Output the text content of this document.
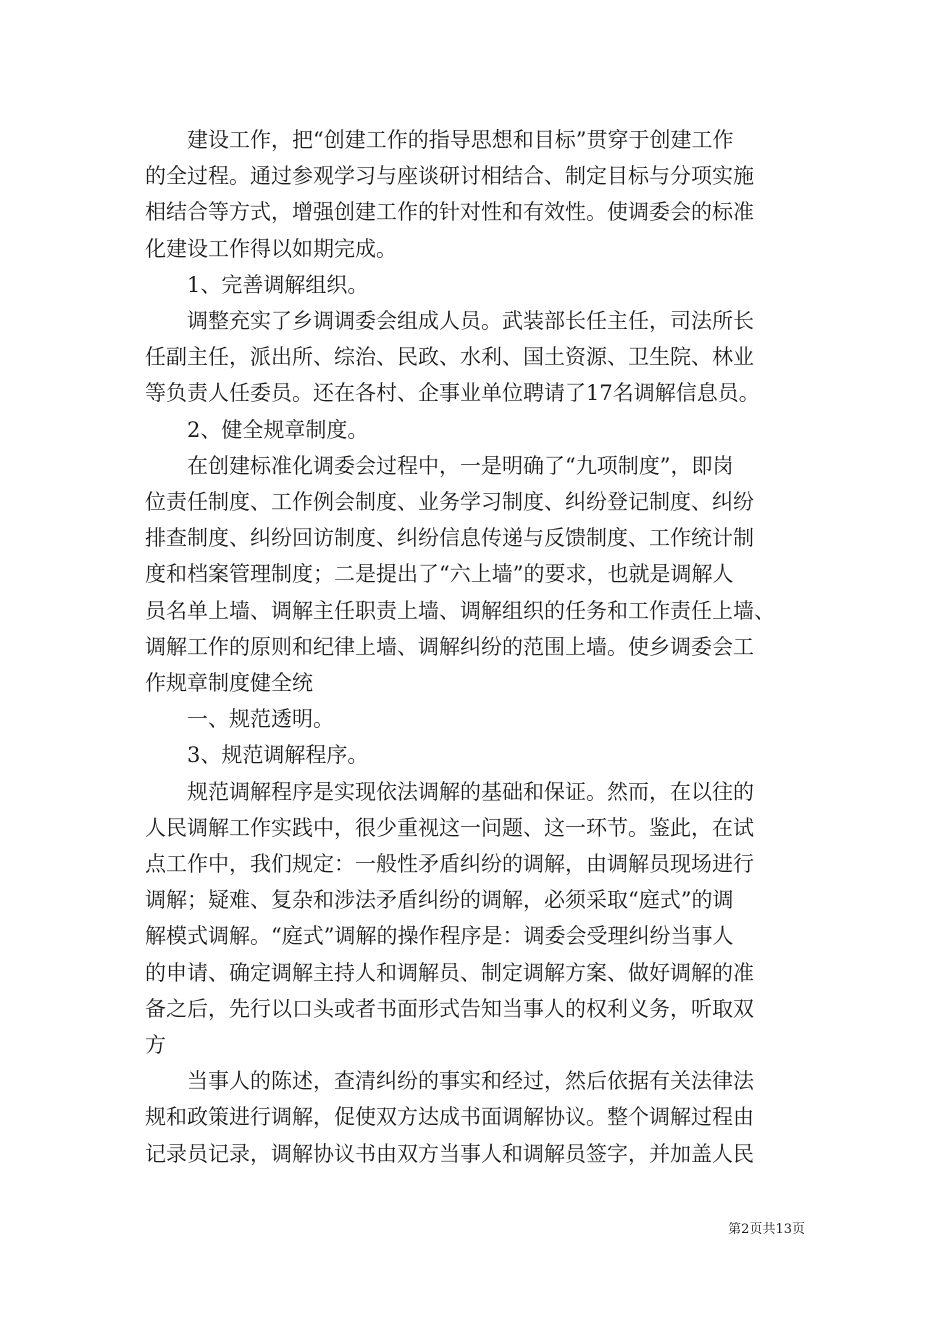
　　建设工作，把“创建工作的指导思想和目标”贯穿于创建工作
的全过程。通过参观学习与座谈研讨相结合、制定目标与分项实施
相结合等方式，增强创建工作的针对性和有效性。使调委会的标准
化建设工作得以如期完成。
　　1、完善调解组织。
　　调整充实了乡调调委会组成人员。武装部长任主任，司法所长
任副主任，派出所、综治、民政、水利、国土资源、卫生院、林业
等负责人任委员。还在各村、企事业单位聘请了17名调解信息员。
　　2、健全规章制度。
　　在创建标准化调委会过程中，一是明确了“九项制度”，即岗
位责任制度、工作例会制度、业务学习制度、纠纷登记制度、纠纷
排查制度、纠纷回访制度、纠纷信息传递与反馈制度、工作统计制
度和档案管理制度；二是提出了“六上墙”的要求，也就是调解人
员名单上墙、调解主任职责上墙、调解组织的任务和工作责任上墙、
调解工作的原则和纪律上墙、调解纠纷的范围上墙。使乡调委会工
作规章制度健全统
　　一、规范透明。
　　3、规范调解程序。
　　规范调解程序是实现依法调解的基础和保证。然而，在以往的
人民调解工作实践中，很少重视这一问题、这一环节。鉴此，在试
点工作中，我们规定：一般性矛盾纠纷的调解，由调解员现场进行
调解；疑难、复杂和涉法矛盾纠纷的调解，必须采取“庭式”的调
解模式调解。“庭式”调解的操作程序是：调委会受理纠纷当事人
的申请、确定调解主持人和调解员、制定调解方案、做好调解的准
备之后，先行以口头或者书面形式告知当事人的权利义务，听取双
方
　　当事人的陈述，查清纠纷的事实和经过，然后依据有关法律法
规和政策进行调解，促使双方达成书面调解协议。整个调解过程由
记录员记录，调解协议书由双方当事人和调解员签字，并加盖人民
第2页共13页
